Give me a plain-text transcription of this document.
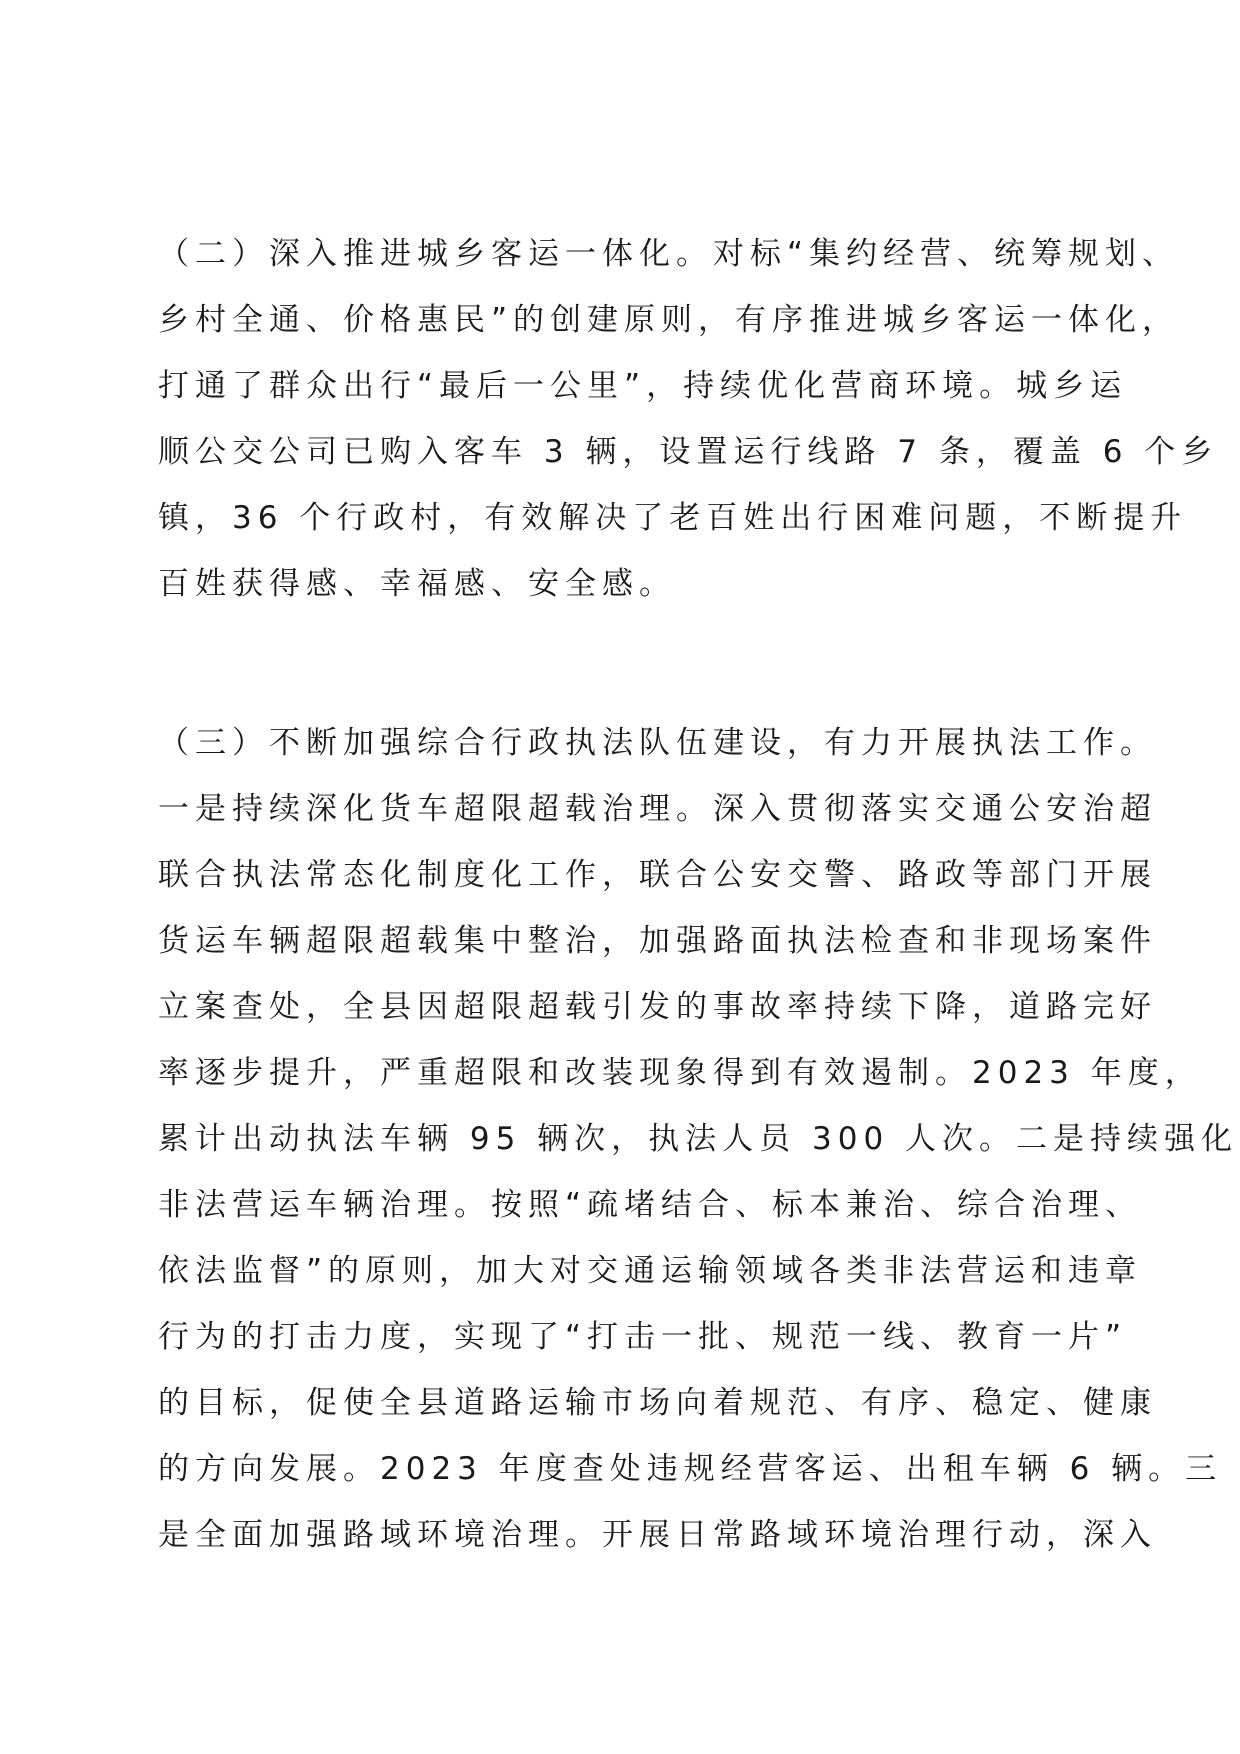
（二）深入推进城乡客运一体化。对标“集约经营、统筹规划、
乡村全通、价格惠民”的创建原则，有序推进城乡客运一体化，
打通了群众出行“最后一公里”，持续优化营商环境。城乡运
顺公交公司已购入客车 3 辆，设置运行线路 7 条，覆盖 6 个乡
镇，36 个行政村，有效解决了老百姓出行困难问题，不断提升
百姓获得感、幸福感、安全感。
（三）不断加强综合行政执法队伍建设，有力开展执法工作。
一是持续深化货车超限超载治理。深入贯彻落实交通公安治超
联合执法常态化制度化工作，联合公安交警、路政等部门开展
货运车辆超限超载集中整治，加强路面执法检查和非现场案件
立案查处，全县因超限超载引发的事故率持续下降，道路完好
率逐步提升，严重超限和改装现象得到有效遏制。2023 年度，
累计出动执法车辆 95 辆次，执法人员 300 人次。二是持续强化
非法营运车辆治理。按照“疏堵结合、标本兼治、综合治理、
依法监督”的原则，加大对交通运输领域各类非法营运和违章
行为的打击力度，实现了“打击一批、规范一线、教育一片”
的目标，促使全县道路运输市场向着规范、有序、稳定、健康
的方向发展。2023 年度查处违规经营客运、出租车辆 6 辆。三
是全面加强路域环境治理。开展日常路域环境治理行动，深入
